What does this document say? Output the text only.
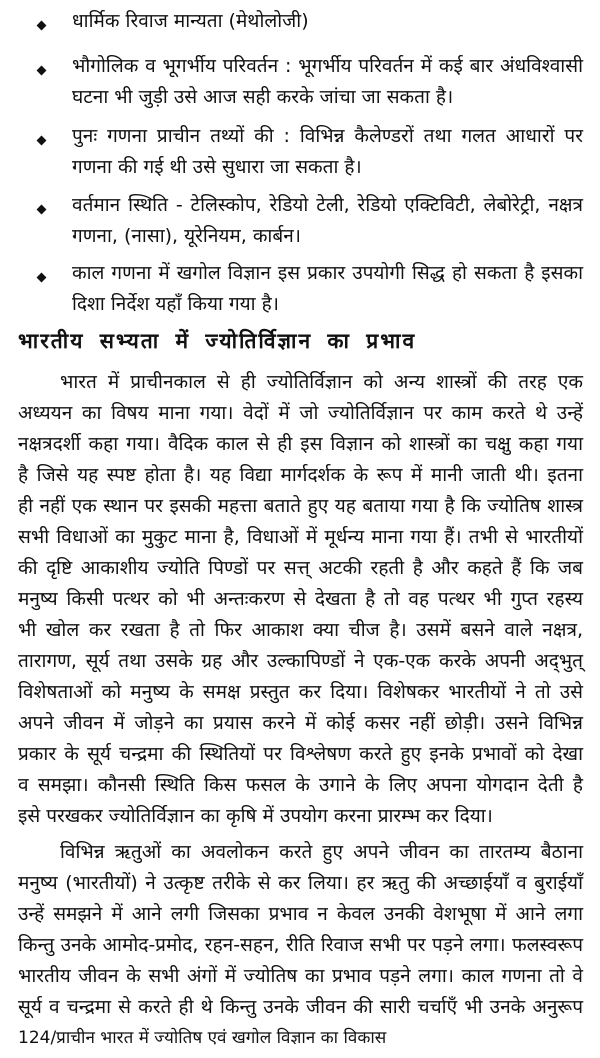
धार्मिक रिवाज मान्यता (मेथोलोजी)
भौगोलिक व भूगर्भीय परिवर्तन : भूगर्भीय परिवर्तन में कई बार अंधविश्वासी
घटना भी जुड़ी उसे आज सही करके जांचा जा सकता है।
पुनः गणना प्राचीन तथ्यों की : विभिन्न कैलेण्डरों तथा गलत आधारों पर
गणना की गई थी उसे सुधारा जा सकता है।
वर्तमान स्थिति - टेलिस्कोप, रेडियो टेली, रेडियो एक्टिविटी, लेबोरेट्री, नक्षत्र
गणना, (नासा), यूरेनियम, कार्बन।
काल गणना में खगोल विज्ञान इस प्रकार उपयोगी सिद्ध हो सकता है इसका
दिशा निर्देश यहाँ किया गया है।
भारतीय सभ्यता में ज्योतिर्विज्ञान का प्रभाव
भारत में प्राचीनकाल से ही ज्योतिर्विज्ञान को अन्य शास्त्रों की तरह एक
अध्ययन का विषय माना गया। वेदों में जो ज्योतिर्विज्ञान पर काम करते थे उन्हें
नक्षत्रदर्शी कहा गया। वैदिक काल से ही इस विज्ञान को शास्त्रों का चक्षु कहा गया
है जिसे यह स्पष्ट होता है। यह विद्या मार्गदर्शक के रूप में मानी जाती थी। इतना
ही नहीं एक स्थान पर इसकी महत्ता बताते हुए यह बताया गया है कि ज्योतिष शास्त्र
सभी विधाओं का मुकुट माना है, विधाओं में मूर्धन्य माना गया हैं। तभी से भारतीयों
की दृष्टि आकाशीय ज्योति पिण्डों पर सत्त् अटकी रहती है और कहते हैं कि जब
मनुष्य किसी पत्थर को भी अन्तःकरण से देखता है तो वह पत्थर भी गुप्त रहस्य
भी खोल कर रखता है तो फिर आकाश क्या चीज है। उसमें बसने वाले नक्षत्र,
तारागण, सूर्य तथा उसके ग्रह और उल्कापिण्डों ने एक-एक करके अपनी अद्‌भुत्
विशेषताओं को मनुष्य के समक्ष प्रस्तुत कर दिया। विशेषकर भारतीयों ने तो उसे
अपने जीवन में जोड़ने का प्रयास करने में कोई कसर नहीं छोड़ी। उसने विभिन्न
प्रकार के सूर्य चन्द्रमा की स्थितियों पर विश्लेषण करते हुए इनके प्रभावों को देखा
व समझा। कौनसी स्थिति किस फसल के उगाने के लिए अपना योगदान देती है
इसे परखकर ज्योतिर्विज्ञान का कृषि में उपयोग करना प्रारम्भ कर दिया।
विभिन्न ऋतुओं का अवलोकन करते हुए अपने जीवन का तारतम्य बैठाना
मनुष्य (भारतीयों) ने उत्कृष्ट तरीके से कर लिया। हर ऋतु की अच्छाईयाँ व बुराईयाँ
उन्हें समझने में आने लगी जिसका प्रभाव न केवल उनकी वेशभूषा में आने लगा
किन्तु उनके आमोद-प्रमोद, रहन-सहन, रीति रिवाज सभी पर पड़ने लगा। फलस्वरूप
भारतीय जीवन के सभी अंगों में ज्योतिष का प्रभाव पड़ने लगा। काल गणना तो वे
सूर्य व चन्द्रमा से करते ही थे किन्तु उनके जीवन की सारी चर्चाएँ भी उनके अनुरूप
124/प्राचीन भारत में ज्योतिष एवं खगोल विज्ञान का विकास
